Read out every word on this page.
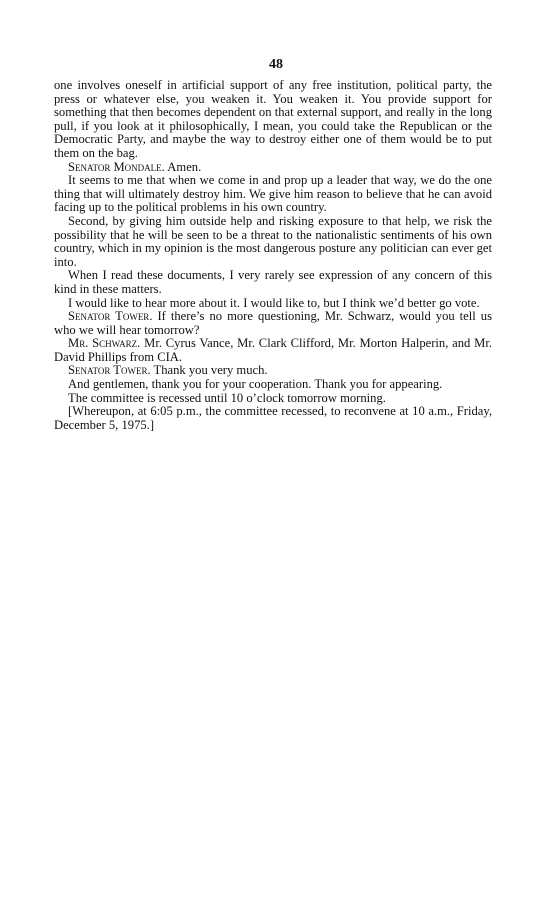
48

one involves oneself in artificial support of any free institution, political party, the press or whatever else, you weaken it. You weaken it. You provide support for something that then becomes dependent on that external support, and really in the long pull, if you look at it philosophically, I mean, you could take the Republican or the Democratic Party, and maybe the way to destroy either one of them would be to put them on the bag.

Senator Mondale. Amen.

It seems to me that when we come in and prop up a leader that way, we do the one thing that will ultimately destroy him. We give him reason to believe that he can avoid facing up to the political problems in his own country.

Second, by giving him outside help and risking exposure to that help, we risk the possibility that he will be seen to be a threat to the nationalistic sentiments of his own country, which in my opinion is the most dangerous posture any politician can ever get into.

When I read these documents, I very rarely see expression of any concern of this kind in these matters.

I would like to hear more about it. I would like to, but I think we’d better go vote.

Senator Tower. If there’s no more questioning, Mr. Schwarz, would you tell us who we will hear tomorrow?

Mr. Schwarz. Mr. Cyrus Vance, Mr. Clark Clifford, Mr. Morton Halperin, and Mr. David Phillips from CIA.

Senator Tower. Thank you very much.

And gentlemen, thank you for your cooperation. Thank you for appearing.

The committee is recessed until 10 o’clock tomorrow morning.

[Whereupon, at 6:05 p.m., the committee recessed, to reconvene at 10 a.m., Friday, December 5, 1975.]
